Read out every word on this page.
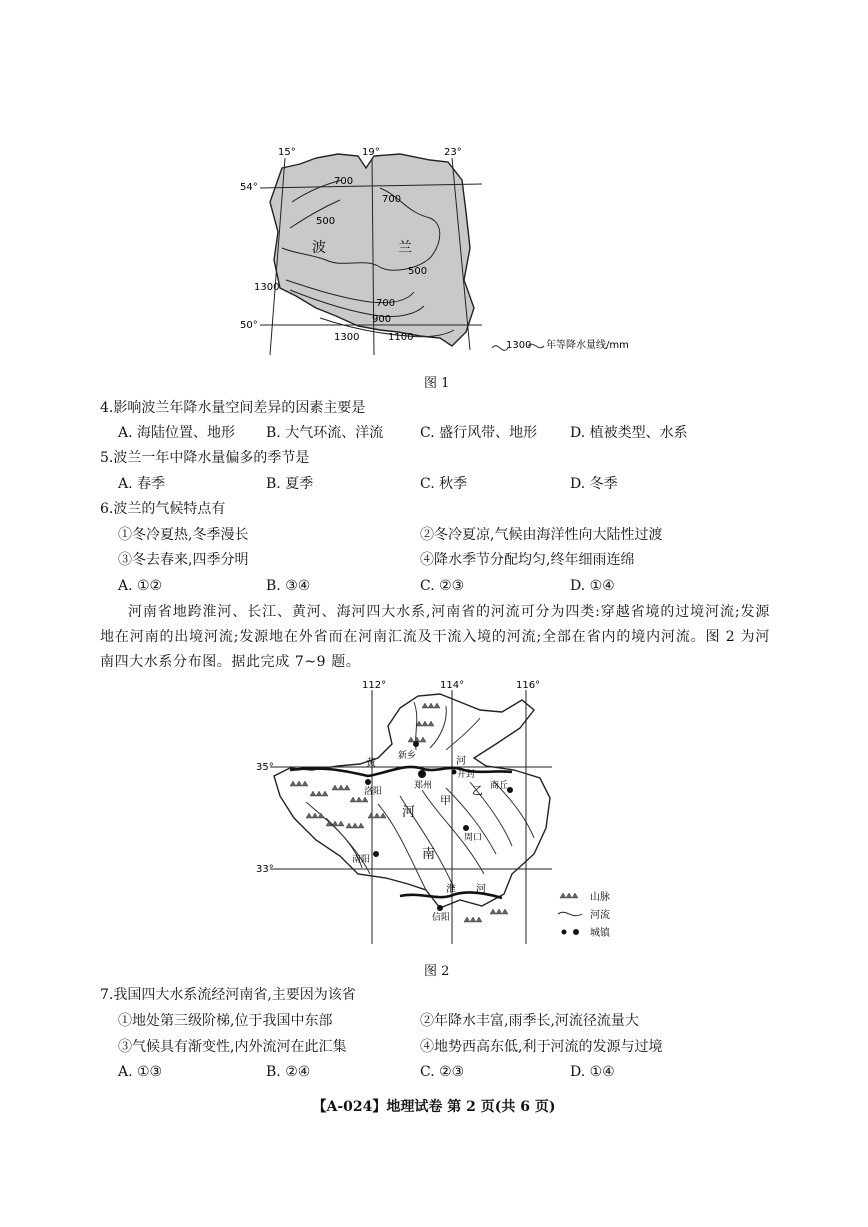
15°	19°	23°
54°
50°
波	兰
700
700
500
500
1300
700
900
1300	1100
1300 年等降水量线/mm
图 1
4.影响波兰年降水量空间差异的因素主要是
A. 海陆位置、地形 B. 大气环流、洋流	C. 盛行风带、地形 D. 植被类型、水系
5.波兰一年中降水量偏多的季节是
A. 春季	B. 夏季	C. 秋季	D. 冬季
6.波兰的气候特点有
①冬冷夏热,冬季漫长	②冬冷夏凉,气候由海洋性向大陆性过渡
③冬去春来,四季分明	④降水季节分配均匀,终年细雨连绵
A. ①②	B. ③④	C. ②③	D. ①④
河南省地跨淮河、长江、黄河、海河四大水系,河南省的河流可分为四类:穿越省境的过境河流;发源地在河南的出境河流;发源地在外省而在河南汇流及干流入境的河流;全部在省内的境内河流。图 2 为河南四大水系分布图。据此完成 7~9 题。
112°	114°	116°
35°
33°
新乡
开封
郑州
洛阳
商丘
周口
南阳
信阳
甲
乙
河
南
黄	河
淮 河
山脉
河流
城镇
图 2
7.我国四大水系流经河南省,主要因为该省
①地处第三级阶梯,位于我国中东部	②年降水丰富,雨季长,河流径流量大
③气候具有渐变性,内外流河在此汇集	④地势西高东低,利于河流的发源与过境
A. ①③	B. ②④	C. ②③	D. ①④
【A-024】地理试卷 第 2 页(共 6 页)
